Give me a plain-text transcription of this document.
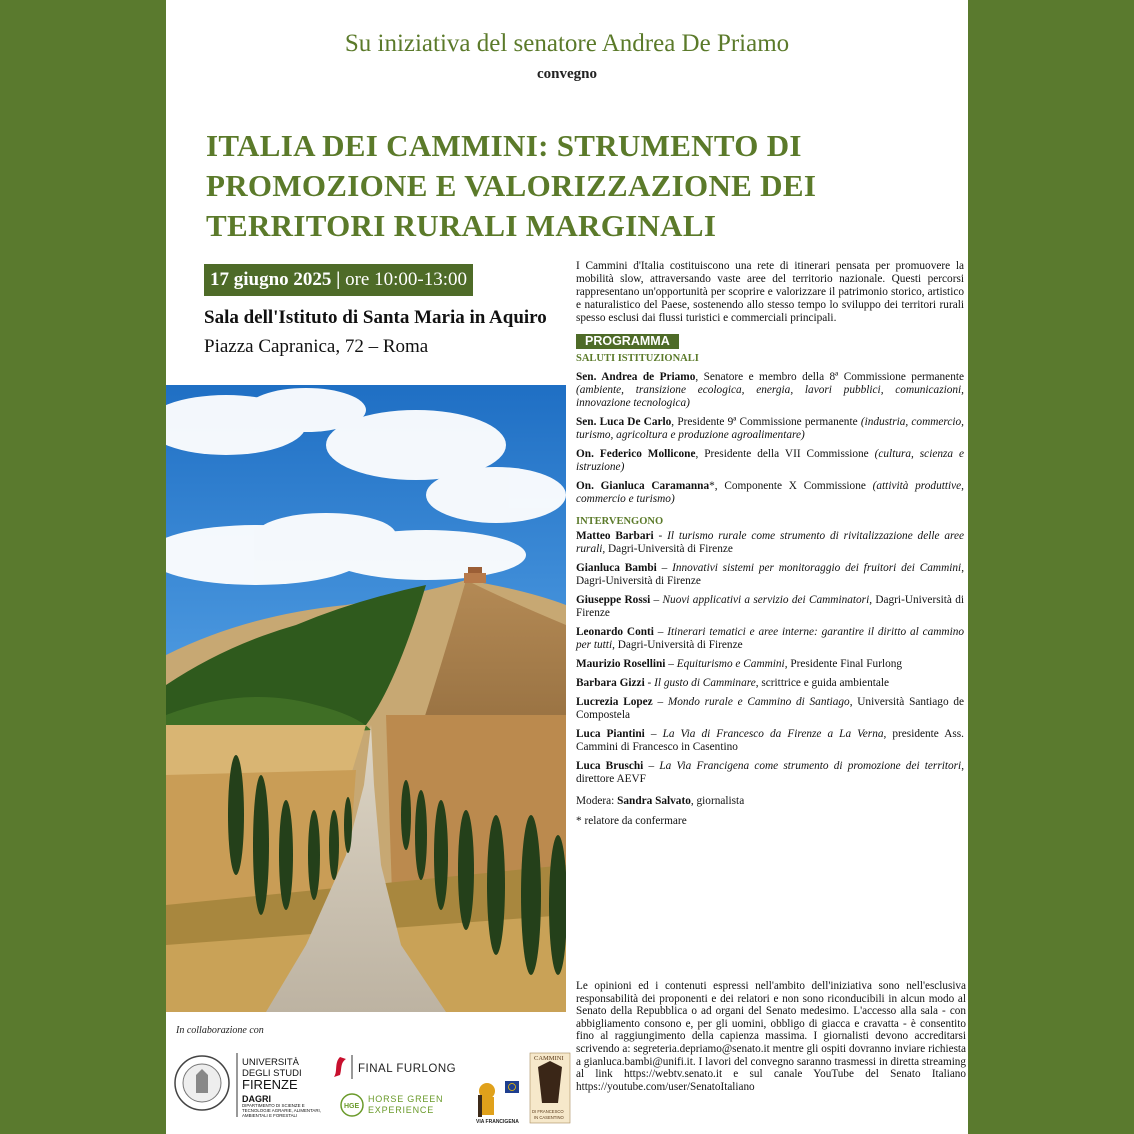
Su iniziativa del senatore Andrea De Priamo
convegno
ITALIA DEI CAMMINI: STRUMENTO DI
PROMOZIONE E VALORIZZAZIONE DEI
TERRITORI RURALI MARGINALI
17 giugno 2025 | ore 10:00-13:00
Sala dell'Istituto di Santa Maria in Aquiro
Piazza Capranica, 72 – Roma
In collaborazione con
UNIVERSITÀ
DEGLI STUDI
FIRENZE
DAGRI
DIPARTIMENTO DI SCIENZE E TECNOLOGIE AGRARIE, ALIMENTARI, AMBIENTALI E FORESTALI
FINAL FURLONG
HGE
HORSE GREEN
EXPERIENCE
VIA FRANCIGENA
CAMMINI
DI FRANCESCO
IN CASENTINO
I Cammini d'Italia costituiscono una rete di itinerari pensata per promuovere la mobilità slow, attraversando vaste aree del territorio nazionale. Questi percorsi rappresentano un'opportunità per scoprire e valorizzare il patrimonio storico, artistico e naturalistico del Paese, sostenendo allo stesso tempo lo sviluppo dei territori rurali spesso esclusi dai flussi turistici e commerciali principali.
PROGRAMMA
SALUTI ISTITUZIONALI
Sen. Andrea de Priamo, Senatore e membro della 8ª Commissione permanente (ambiente, transizione ecologica, energia, lavori pubblici, comunicazioni, innovazione tecnologica)
Sen. Luca De Carlo, Presidente 9ª Commissione permanente (industria, commercio, turismo, agricoltura e produzione agroalimentare)
On. Federico Mollicone, Presidente della VII Commissione (cultura, scienza e istruzione)
On. Gianluca Caramanna*, Componente X Commissione (attività produttive, commercio e turismo)
INTERVENGONO
Matteo Barbari - Il turismo rurale come strumento di rivitalizzazione delle aree rurali, Dagri-Università di Firenze
Gianluca Bambi – Innovativi sistemi per monitoraggio dei fruitori dei Cammini, Dagri-Università di Firenze
Giuseppe Rossi – Nuovi applicativi a servizio dei Camminatori, Dagri-Università di Firenze
Leonardo Conti – Itinerari tematici e aree interne: garantire il diritto al cammino per tutti, Dagri-Università di Firenze
Maurizio Rosellini – Equiturismo e Cammini, Presidente Final Furlong
Barbara Gizzi - Il gusto di Camminare, scrittrice e guida ambientale
Lucrezia Lopez – Mondo rurale e Cammino di Santiago, Università Santiago de Compostela
Luca Piantini – La Via di Francesco da Firenze a La Verna, presidente Ass. Cammini di Francesco in Casentino
Luca Bruschi – La Via Francigena come strumento di promozione dei territori, direttore AEVF
Modera: Sandra Salvato, giornalista
* relatore da confermare
Le opinioni ed i contenuti espressi nell'ambito dell'iniziativa sono nell'esclusiva responsabilità dei proponenti e dei relatori e non sono riconducibili in alcun modo al Senato della Repubblica o ad organi del Senato medesimo. L'accesso alla sala - con abbigliamento consono e, per gli uomini, obbligo di giacca e cravatta - è consentito fino al raggiungimento della capienza massima. I giornalisti devono accreditarsi scrivendo a: segreteria.depriamo@senato.it mentre gli ospiti dovranno inviare richiesta a gianluca.bambi@unifi.it. I lavori del convegno saranno trasmessi in diretta streaming al link https://webtv.senato.it e sul canale YouTube del Senato Italiano https://youtube.com/user/SenatoItaliano
